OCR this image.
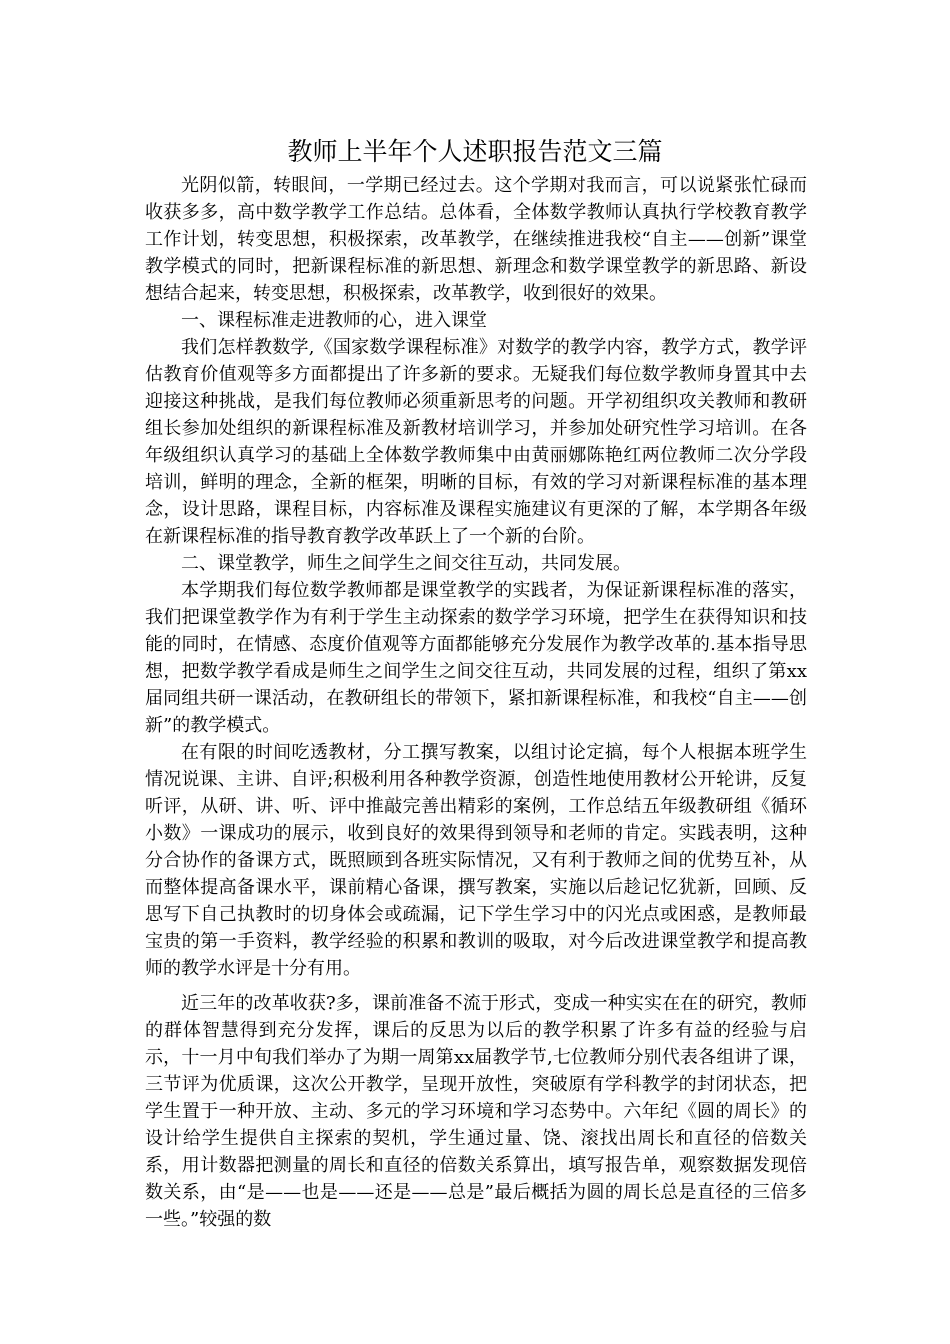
教师上半年个人述职报告范文三篇

光阴似箭，转眼间，一学期已经过去。这个学期对我而言，可以说紧张忙碌而收获多多，高中数学教学工作总结。总体看，全体数学教师认真执行学校教育教学工作计划，转变思想，积极探索，改革教学，在继续推进我校“自主——创新”课堂教学模式的同时，把新课程标准的新思想、新理念和数学课堂教学的新思路、新设想结合起来，转变思想，积极探索，改革教学，收到很好的效果。

一、课程标准走进教师的心，进入课堂

我们怎样教数学,《国家数学课程标准》对数学的教学内容，教学方式，教学评估教育价值观等多方面都提出了许多新的要求。无疑我们每位数学教师身置其中去迎接这种挑战，是我们每位教师必须重新思考的问题。开学初组织攻关教师和教研组长参加处组织的新课程标准及新教材培训学习，并参加处研究性学习培训。在各年级组织认真学习的基础上全体数学教师集中由黄丽娜陈艳红两位教师二次分学段培训，鲜明的理念，全新的框架，明晰的目标，有效的学习对新课程标准的基本理念，设计思路，课程目标，内容标准及课程实施建议有更深的了解，本学期各年级在新课程标准的指导教育教学改革跃上了一个新的台阶。

二、课堂教学，师生之间学生之间交往互动，共同发展。

本学期我们每位数学教师都是课堂教学的实践者，为保证新课程标准的落实，我们把课堂教学作为有利于学生主动探索的数学学习环境，把学生在获得知识和技能的同时，在情感、态度价值观等方面都能够充分发展作为教学改革的.基本指导思想，把数学教学看成是师生之间学生之间交往互动，共同发展的过程，组织了第xx届同组共研一课活动，在教研组长的带领下，紧扣新课程标准，和我校“自主——创新”的教学模式。

在有限的时间吃透教材，分工撰写教案，以组讨论定搞，每个人根据本班学生情况说课、主讲、自评;积极利用各种教学资源，创造性地使用教材公开轮讲，反复听评，从研、讲、听、评中推敲完善出精彩的案例，工作总结五年级教研组《循环小数》一课成功的展示，收到良好的效果得到领导和老师的肯定。实践表明，这种分合协作的备课方式，既照顾到各班实际情况，又有利于教师之间的优势互补，从而整体提高备课水平，课前精心备课，撰写教案，实施以后趁记忆犹新，回顾、反思写下自己执教时的切身体会或疏漏，记下学生学习中的闪光点或困惑，是教师最宝贵的第一手资料，教学经验的积累和教训的吸取，对今后改进课堂教学和提高教师的教学水评是十分有用。

近三年的改革收获?多，课前准备不流于形式，变成一种实实在在的研究，教师的群体智慧得到充分发挥，课后的反思为以后的教学积累了许多有益的经验与启示，十一月中旬我们举办了为期一周第xx届教学节,七位教师分别代表各组讲了课，三节评为优质课，这次公开教学，呈现开放性，突破原有学科教学的封闭状态，把学生置于一种开放、主动、多元的学习环境和学习态势中。六年纪《圆的周长》的设计给学生提供自主探索的契机，学生通过量、饶、滚找出周长和直径的倍数关系，用计数器把测量的周长和直径的倍数关系算出，填写报告单，观察数据发现倍数关系，由“是——也是——还是——总是”最后概括为圆的周长总是直径的三倍多一些。”较强的数
